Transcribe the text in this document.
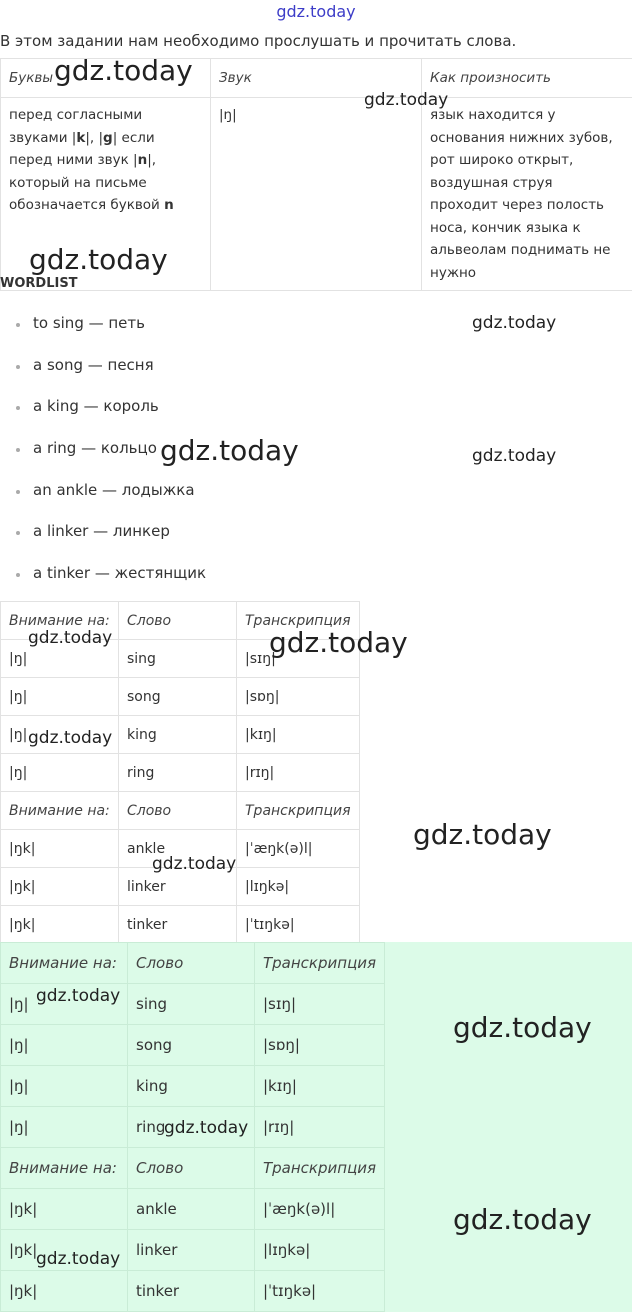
gdz.today
В этом задании нам необходимо прослушать и прочитать слова.
Буквы	Звук	Как произносить
перед согласными звуками |k|, |g| если перед ними звук |n|, который на письме обозначается буквой n	|ŋ|	язык находится у основания нижних зубов, рот широко открыт, воздушная струя проходит через полость носа, кончик языка к альвеолам поднимать не нужно
WORDLIST
to sing — петь
a song — песня
a king — король
a ring — кольцо
an ankle — лодыжка
a linker — линкер
a tinker — жестянщик
Внимание на:	Слово	Транскрипция
|ŋ|	sing	|sɪŋ|
|ŋ|	song	|sɒŋ|
|ŋ|	king	|kɪŋ|
|ŋ|	ring	|rɪŋ|
Внимание на:	Слово	Транскрипция
|ŋk|	ankle	|ˈæŋk(ə)l|
|ŋk|	linker	|lɪŋkə|
|ŋk|	tinker	|ˈtɪŋkə|
Внимание на:	Слово	Транскрипция
|ŋ|	sing	|sɪŋ|
|ŋ|	song	|sɒŋ|
|ŋ|	king	|kɪŋ|
|ŋ|	ring	|rɪŋ|
Внимание на:	Слово	Транскрипция
|ŋk|	ankle	|ˈæŋk(ə)l|
|ŋk|	linker	|lɪŋkə|
|ŋk|	tinker	|ˈtɪŋkə|
gdz.today
gdz.today
gdz.today
gdz.today
gdz.today	gdz.today
gdz.today	gdz.today
gdz.today
gdz.today
gdz.today
gdz.today
gdz.today
gdz.today
gdz.today
gdz.today
